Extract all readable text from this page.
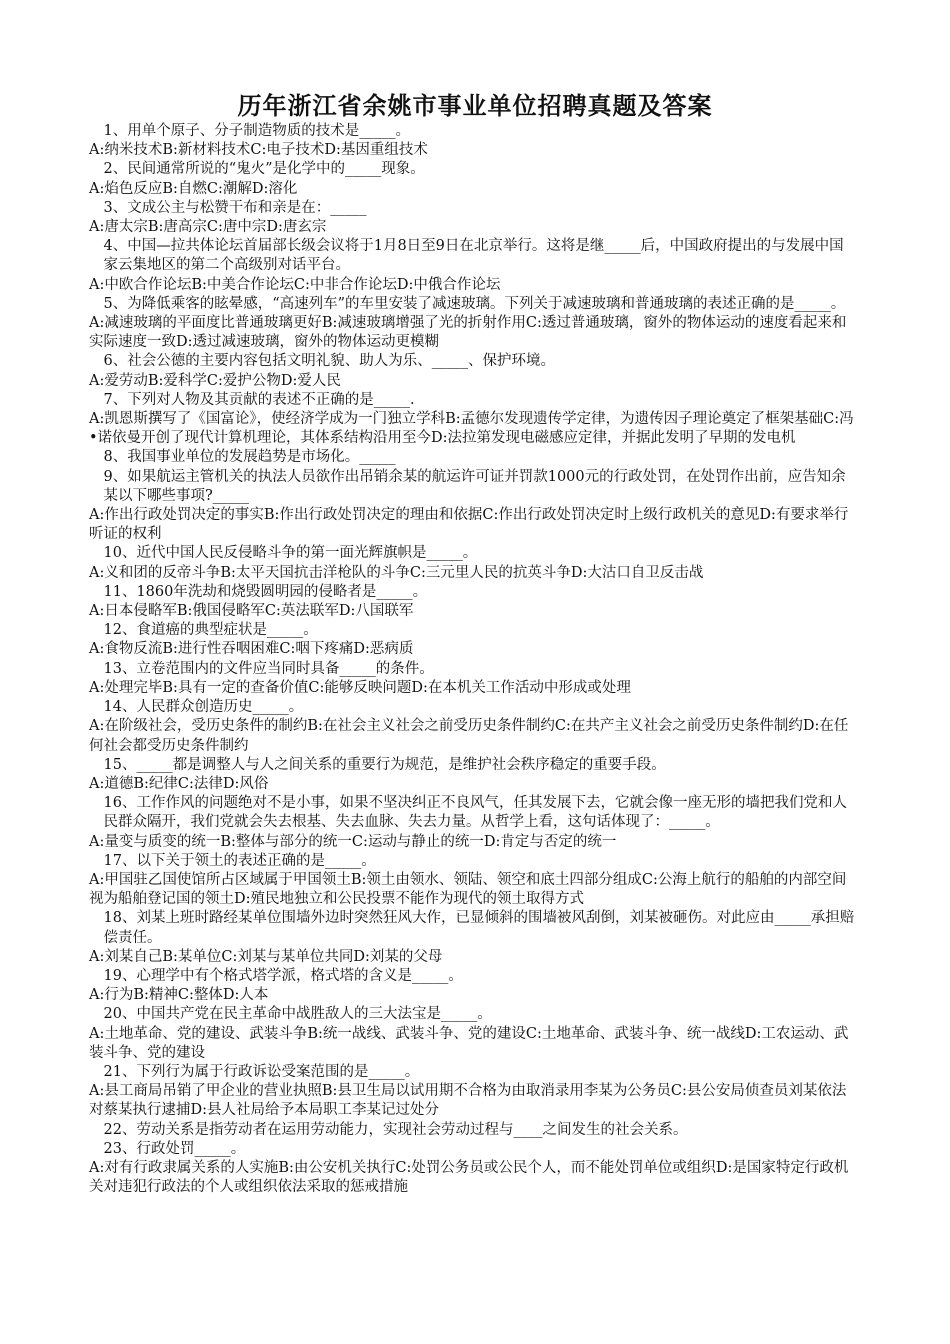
历年浙江省余姚市事业单位招聘真题及答案

1、用单个原子、分子制造物质的技术是_____。

A:纳米技术B:新材料技术C:电子技术D:基因重组技术

2、民间通常所说的“鬼火”是化学中的_____现象。

A:焰色反应B:自燃C:潮解D:溶化

3、文成公主与松赞干布和亲是在：_____

A:唐太宗B:唐高宗C:唐中宗D:唐玄宗

4、中国—拉共体论坛首届部长级会议将于1月8日至9日在北京举行。这将是继_____后，中国政府提出的与发展中国家云集地区的第二个高级别对话平台。

A:中欧合作论坛B:中美合作论坛C:中非合作论坛D:中俄合作论坛

5、为降低乘客的眩晕感，“高速列车”的车里安装了减速玻璃。下列关于减速玻璃和普通玻璃的表述正确的是_____。

A:减速玻璃的平面度比普通玻璃更好B:减速玻璃增强了光的折射作用C:透过普通玻璃，窗外的物体运动的速度看起来和实际速度一致D:透过减速玻璃，窗外的物体运动更模糊

6、社会公德的主要内容包括文明礼貌、助人为乐、_____、保护环境。

A:爱劳动B:爱科学C:爱护公物D:爱人民

7、下列对人物及其贡献的表述不正确的是_____.

A:凯恩斯撰写了《国富论》，使经济学成为一门独立学科B:孟德尔发现遗传学定律，为遗传因子理论奠定了框架基础C:冯•诺依曼开创了现代计算机理论，其体系结构沿用至今D:法拉第发现电磁感应定律，并据此发明了早期的发电机

8、我国事业单位的发展趋势是市场化。_____

9、如果航运主管机关的执法人员欲作出吊销余某的航运许可证并罚款1000元的行政处罚，在处罚作出前，应告知余某以下哪些事项?_____

A:作出行政处罚决定的事实B:作出行政处罚决定的理由和依据C:作出行政处罚决定时上级行政机关的意见D:有要求举行听证的权利

10、近代中国人民反侵略斗争的第一面光辉旗帜是_____。

A:义和团的反帝斗争B:太平天国抗击洋枪队的斗争C:三元里人民的抗英斗争D:大沽口自卫反击战

11、1860年洗劫和烧毁圆明园的侵略者是_____。

A:日本侵略军B:俄国侵略军C:英法联军D:八国联军

12、食道癌的典型症状是_____。

A:食物反流B:进行性吞咽困难C:咽下疼痛D:恶病质

13、立卷范围内的文件应当同时具备_____的条件。

A:处理完毕B:具有一定的查备价值C:能够反映问题D:在本机关工作活动中形成或处理

14、人民群众创造历史_____。

A:在阶级社会，受历史条件的制约B:在社会主义社会之前受历史条件制约C:在共产主义社会之前受历史条件制约D:在任何社会都受历史条件制约

15、_____都是调整人与人之间关系的重要行为规范，是维护社会秩序稳定的重要手段。

A:道德B:纪律C:法律D:风俗

16、工作作风的问题绝对不是小事，如果不坚决纠正不良风气，任其发展下去，它就会像一座无形的墙把我们党和人民群众隔开，我们党就会失去根基、失去血脉、失去力量。从哲学上看，这句话体现了：_____。

A:量变与质变的统一B:整体与部分的统一C:运动与静止的统一D:肯定与否定的统一

17、以下关于领土的表述正确的是_____。

A:甲国驻乙国使馆所占区域属于甲国领土B:领土由领水、领陆、领空和底土四部分组成C:公海上航行的船舶的内部空间视为船舶登记国的领土D:殖民地独立和公民投票不能作为现代的领土取得方式

18、刘某上班时路经某单位围墙外边时突然狂风大作，已显倾斜的围墙被风刮倒，刘某被砸伤。对此应由_____承担赔偿责任。

A:刘某自己B:某单位C:刘某与某单位共同D:刘某的父母

19、心理学中有个格式塔学派，格式塔的含义是_____。

A:行为B:精神C:整体D:人本

20、中国共产党在民主革命中战胜敌人的三大法宝是_____。

A:土地革命、党的建设、武装斗争B:统一战线、武装斗争、党的建设C:土地革命、武装斗争、统一战线D:工农运动、武装斗争、党的建设

21、下列行为属于行政诉讼受案范围的是_____。

A:县工商局吊销了甲企业的营业执照B:县卫生局以试用期不合格为由取消录用李某为公务员C:县公安局侦查员刘某依法对蔡某执行逮捕D:县人社局给予本局职工李某记过处分

22、劳动关系是指劳动者在运用劳动能力，实现社会劳动过程与____之间发生的社会关系。

23、行政处罚_____。

A:对有行政隶属关系的人实施B:由公安机关执行C:处罚公务员或公民个人，而不能处罚单位或组织D:是国家特定行政机关对违犯行政法的个人或组织依法采取的惩戒措施
